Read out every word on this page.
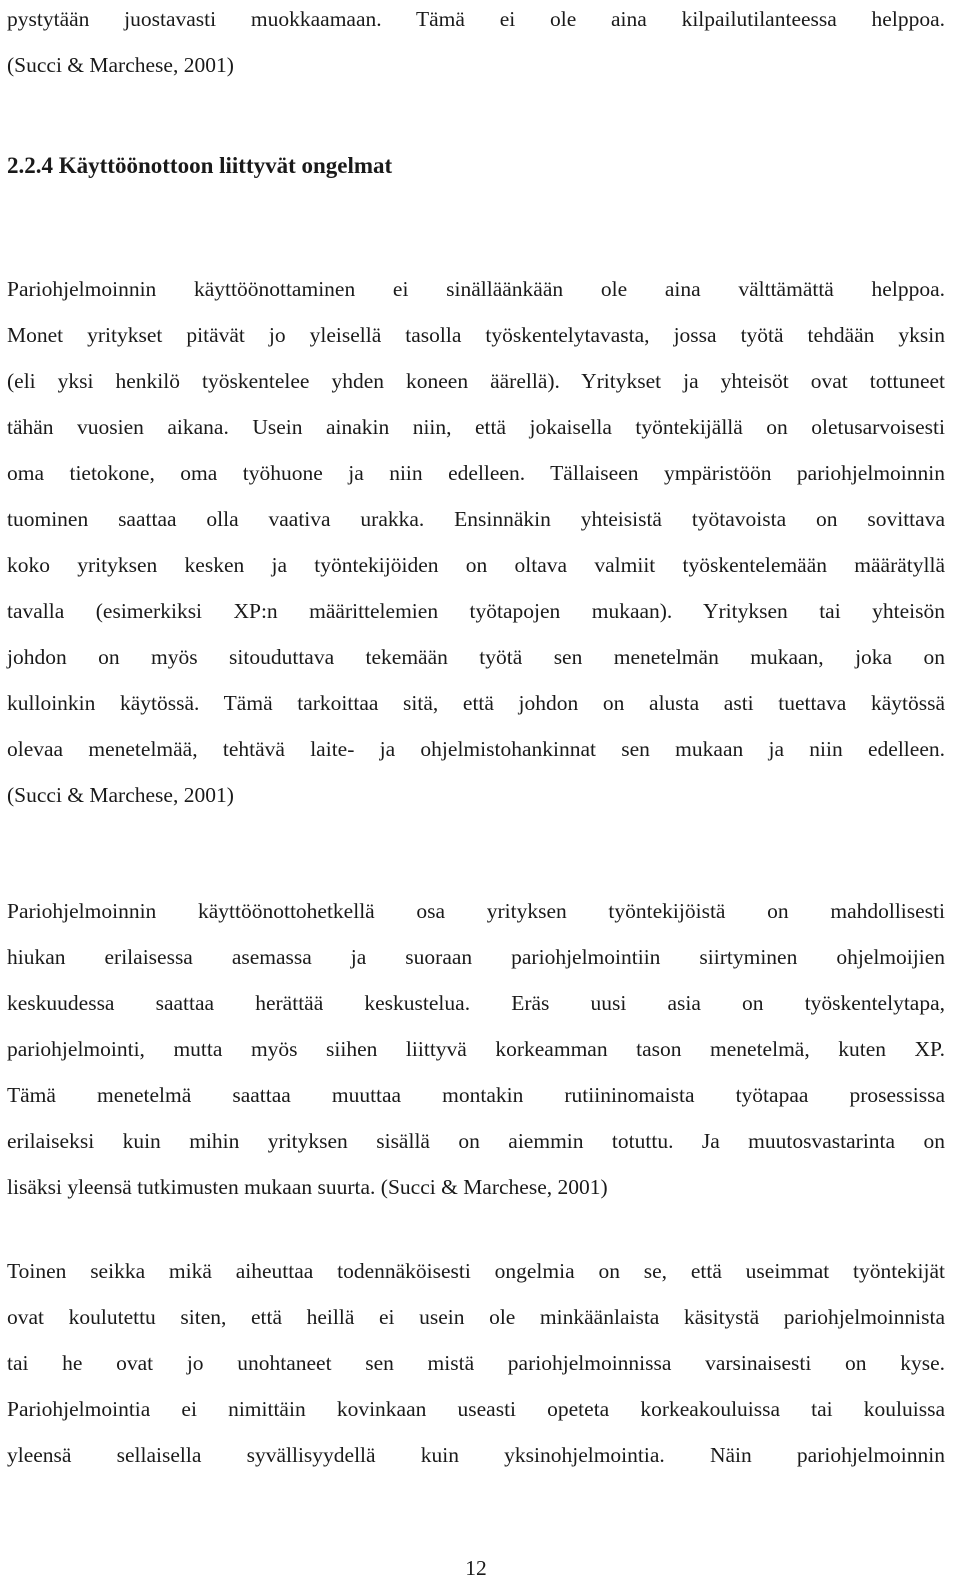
pystytään juostavasti muokkaamaan. Tämä ei ole aina kilpailutilanteessa helppoa.
(Succi & Marchese, 2001)
2.2.4 Käyttöönottoon liittyvät ongelmat
Pariohjelmoinnin käyttöönottaminen ei sinälläänkään ole aina välttämättä helppoa.
Monet yritykset pitävät jo yleisellä tasolla työskentelytavasta, jossa työtä tehdään yksin
(eli yksi henkilö työskentelee yhden koneen äärellä). Yritykset ja yhteisöt ovat tottuneet
tähän vuosien aikana. Usein ainakin niin, että jokaisella työntekijällä on oletusarvoisesti
oma tietokone, oma työhuone ja niin edelleen. Tällaiseen ympäristöön pariohjelmoinnin
tuominen saattaa olla vaativa urakka. Ensinnäkin yhteisistä työtavoista on sovittava
koko yrityksen kesken ja työntekijöiden on oltava valmiit työskentelemään määrätyllä
tavalla (esimerkiksi XP:n määrittelemien työtapojen mukaan). Yrityksen tai yhteisön
johdon on myös sitouduttava tekemään työtä sen menetelmän mukaan, joka on
kulloinkin käytössä. Tämä tarkoittaa sitä, että johdon on alusta asti tuettava käytössä
olevaa menetelmää, tehtävä laite- ja ohjelmistohankinnat sen mukaan ja niin edelleen.
(Succi & Marchese, 2001)
Pariohjelmoinnin käyttöönottohetkellä osa yrityksen työntekijöistä on mahdollisesti
hiukan erilaisessa asemassa ja suoraan pariohjelmointiin siirtyminen ohjelmoijien
keskuudessa saattaa herättää keskustelua. Eräs uusi asia on työskentelytapa,
pariohjelmointi, mutta myös siihen liittyvä korkeamman tason menetelmä, kuten XP.
Tämä menetelmä saattaa muuttaa montakin rutiininomaista työtapaa prosessissa
erilaiseksi kuin mihin yrityksen sisällä on aiemmin totuttu. Ja muutosvastarinta on
lisäksi yleensä tutkimusten mukaan suurta. (Succi & Marchese, 2001)
Toinen seikka mikä aiheuttaa todennäköisesti ongelmia on se, että useimmat työntekijät
ovat koulutettu siten, että heillä ei usein ole minkäänlaista käsitystä pariohjelmoinnista
tai he ovat jo unohtaneet sen mistä pariohjelmoinnissa varsinaisesti on kyse.
Pariohjelmointia ei nimittäin kovinkaan useasti opeteta korkeakouluissa tai kouluissa
yleensä sellaisella syvällisyydellä kuin yksinohjelmointia. Näin pariohjelmoinnin
12
